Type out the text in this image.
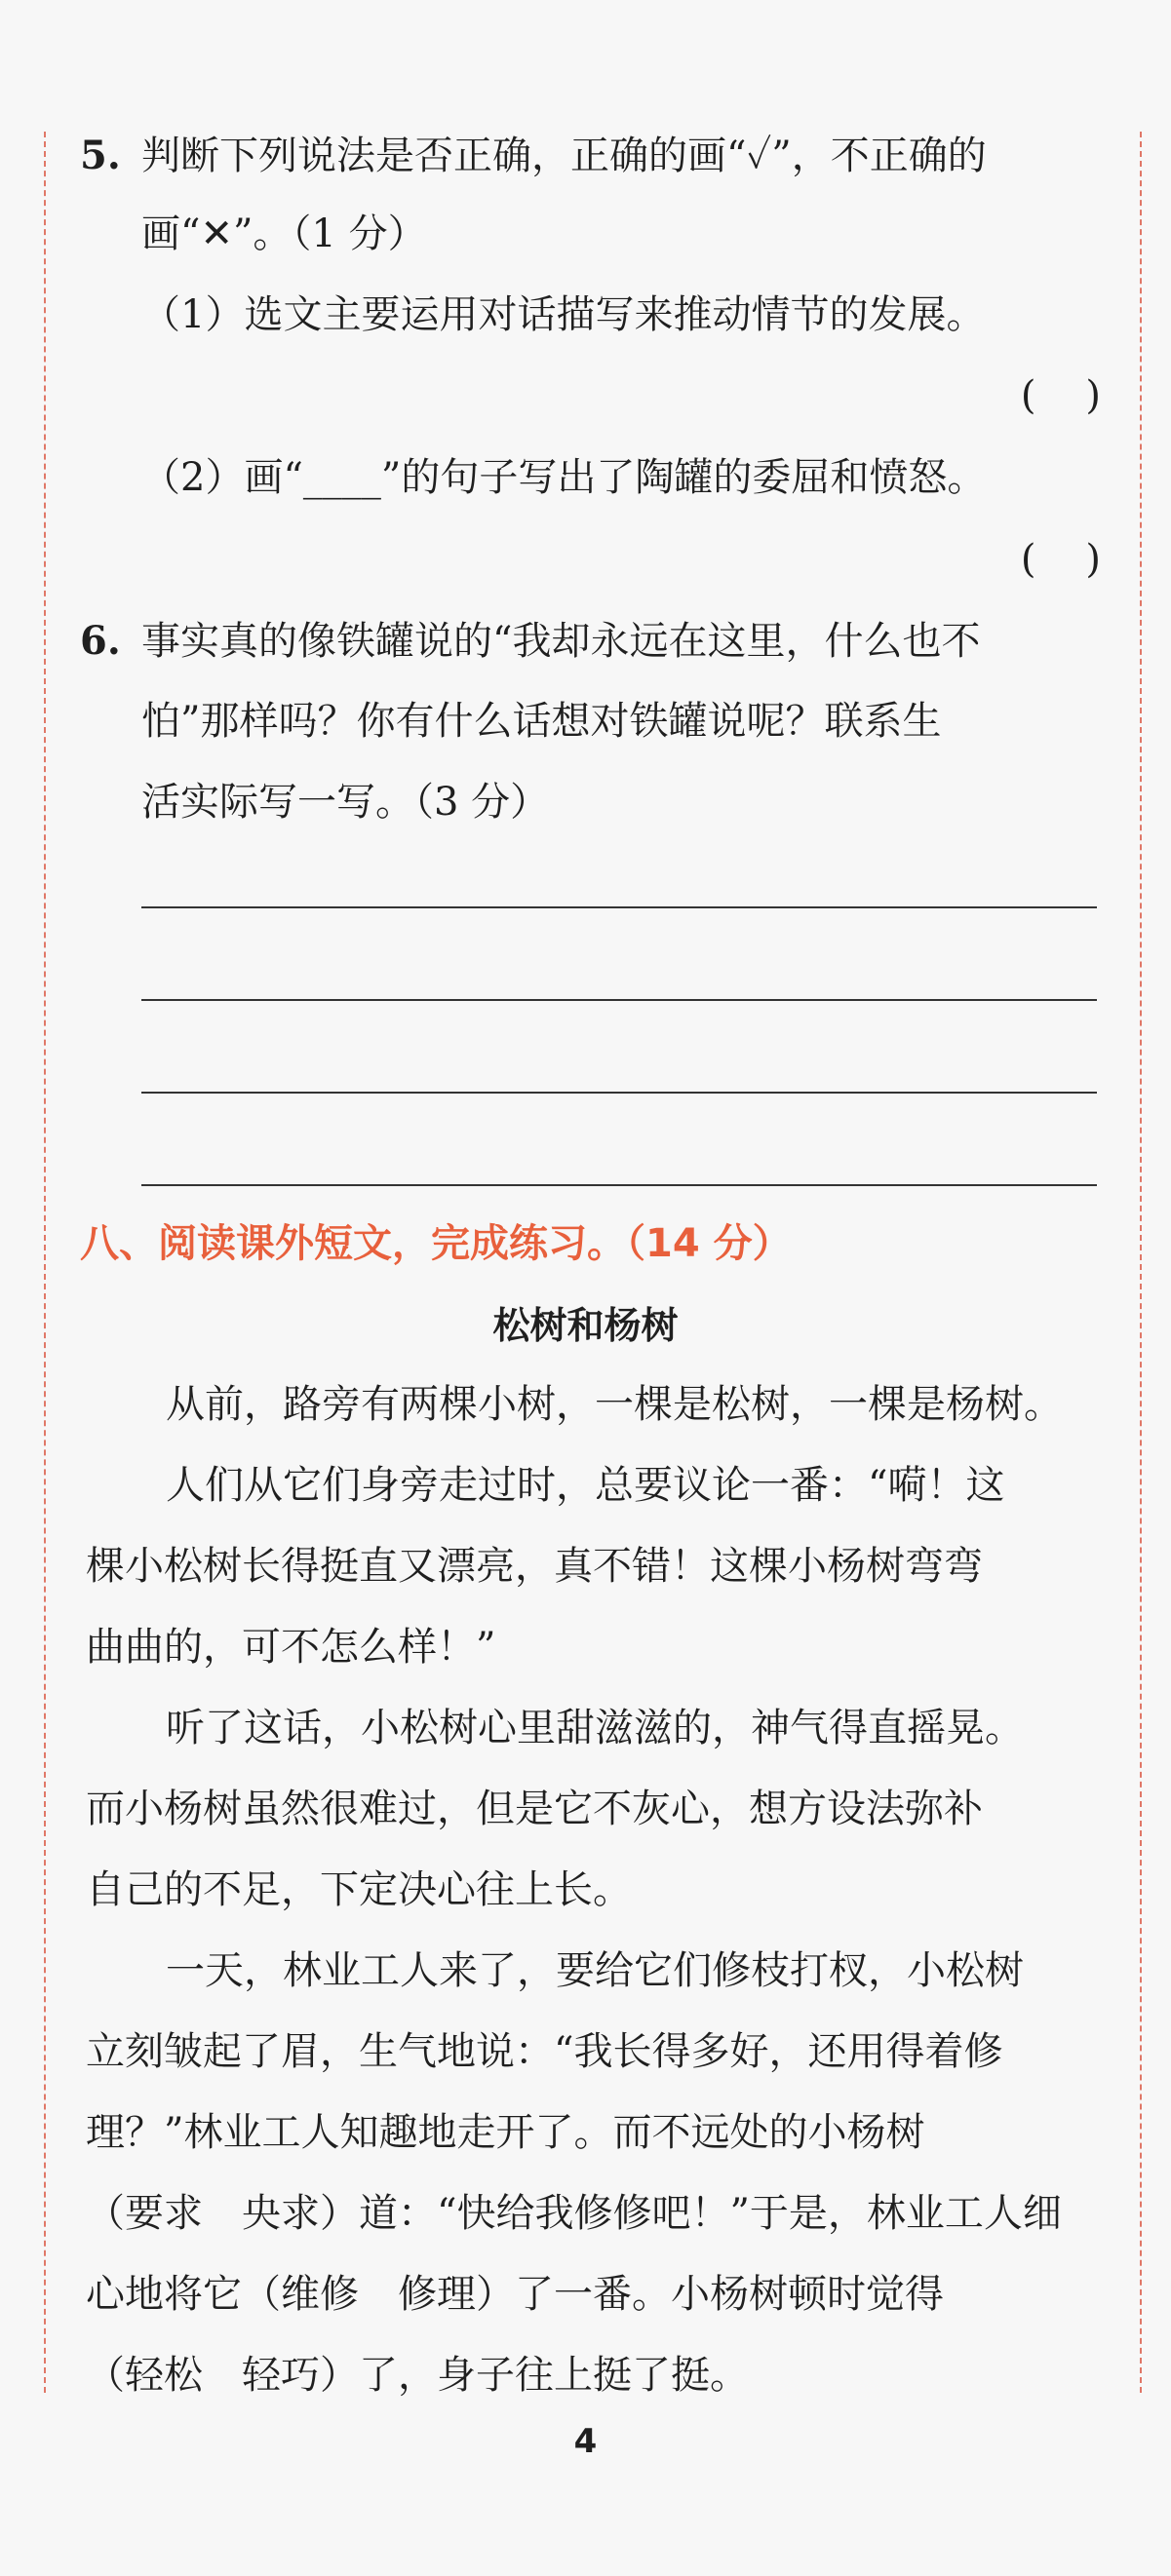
5. 判断下列说法是否正确，正确的画“✓”，不正确的
画“✕”。（1 分）
（1）选文主要运用对话描写来推动情节的发展。
(    )
（2）画“____”的句子写出了陶罐的委屈和愤怒。
(    )
6. 事实真的像铁罐说的“我却永远在这里，什么也不
怕”那样吗？你有什么话想对铁罐说呢？联系生
活实际写一写。（3 分）
八、阅读课外短文，完成练习。（14 分）
松树和杨树
从前，路旁有两棵小树，一棵是松树，一棵是杨树。
人们从它们身旁走过时，总要议论一番：“嗬！这
棵小松树长得挺直又漂亮，真不错！这棵小杨树弯弯
曲曲的，可不怎么样！”
听了这话，小松树心里甜滋滋的，神气得直摇晃。
而小杨树虽然很难过，但是它不灰心，想方设法弥补
自己的不足，下定决心往上长。
一天，林业工人来了，要给它们修枝打杈，小松树
立刻皱起了眉，生气地说：“我长得多好，还用得着修
理？”林业工人知趣地走开了。而不远处的小杨树
（要求　央求）道：“快给我修修吧！”于是，林业工人细
心地将它（维修　修理）了一番。小杨树顿时觉得
（轻松　轻巧）了，身子往上挺了挺。
4
